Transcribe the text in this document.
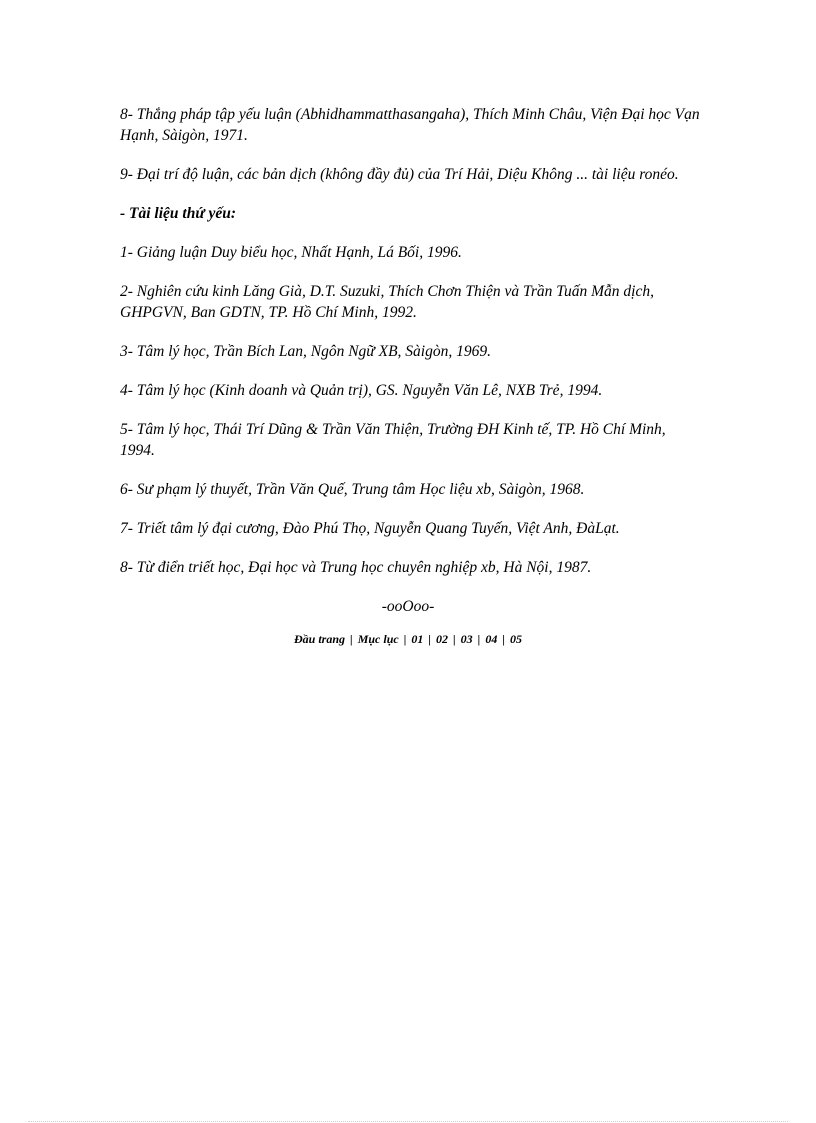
8- Thắng pháp tập yếu luận (Abhidhammatthasangaha), Thích Minh Châu, Viện Đại học Vạn Hạnh, Sàigòn, 1971.

9- Đại trí độ luận, các bản dịch (không đầy đủ) của Trí Hải, Diệu Không ... tài liệu ronéo.

- Tài liệu thứ yếu:

1- Giảng luận Duy biểu học, Nhất Hạnh, Lá Bối, 1996.

2- Nghiên cứu kinh Lăng Già, D.T. Suzuki, Thích Chơn Thiện và Trần Tuấn Mẫn dịch, GHPGVN, Ban GDTN, TP. Hồ Chí Minh, 1992.

3- Tâm lý học, Trần Bích Lan, Ngôn Ngữ XB, Sàigòn, 1969.

4- Tâm lý học (Kinh doanh và Quản trị), GS. Nguyễn Văn Lê, NXB Trẻ, 1994.

5- Tâm lý học, Thái Trí Dũng & Trần Văn Thiện, Trường ĐH Kinh tế, TP. Hồ Chí Minh, 1994.

6- Sư phạm lý thuyết, Trần Văn Quế, Trung tâm Học liệu xb, Sàigòn, 1968.

7- Triết tâm lý đại cương, Đào Phú Thọ, Nguyễn Quang Tuyến, Việt Anh, ĐàLạt.

8- Từ điển triết học, Đại học và Trung học chuyên nghiệp xb, Hà Nội, 1987.

-ooOoo-

Đầu trang | Mục lục | 01 | 02 | 03 | 04 | 05
